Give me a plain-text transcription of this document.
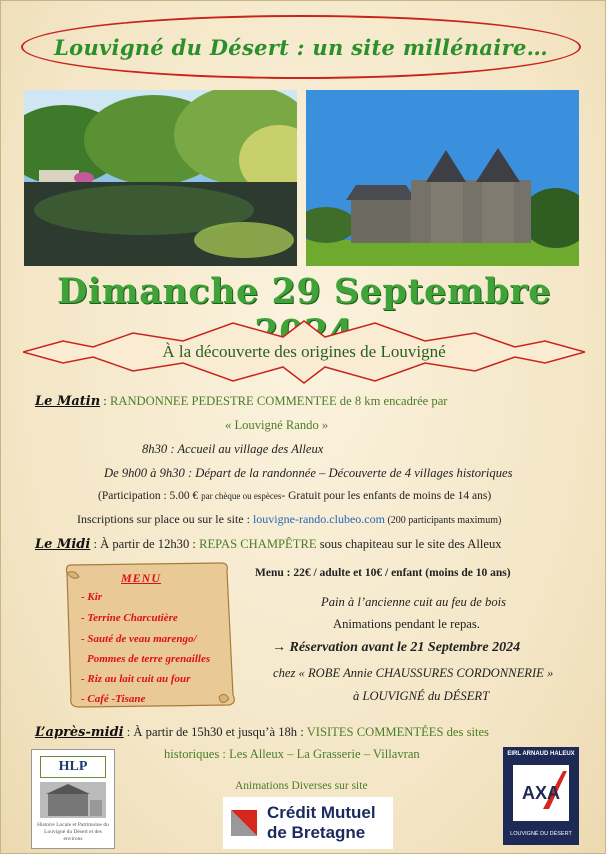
Louvigné du Désert : un site millénaire…
Dimanche 29 Septembre
À la découverte des origines de Louvigné
Le Matin : RANDONNEE PEDESTRE COMMENTEE de 8 km encadrée par
« Louvigné Rando »
8h30 : Accueil au village des Alleux
De 9h00 à 9h30 : Départ de la randonnée – Découverte de 4 villages historiques
(Participation : 5.00 € par chèque ou espèces- Gratuit pour les enfants de moins de 14 ans)
Inscriptions sur place ou sur le site : louvigne-rando.clubeo.com (200 participants maximum)
Le Midi : À partir de 12h30 : REPAS CHAMPÊTRE sous chapiteau sur le site des Alleux
MENU
- Kir
- Terrine Charcutière
- Sauté de veau marengo/
Pommes de terre grenailles
- Riz au lait cuit au four
- Café -Tisane
Menu : 22€ / adulte et 10€ / enfant (moins de 10 ans)
Pain à l’ancienne cuit au feu de bois
Animations pendant le repas.
→ Réservation avant le 21 Septembre 2024
chez « ROBE Annie CHAUSSURES CORDONNERIE »
à LOUVIGNÉ du DÉSERT
L’après-midi : À partir de 15h30 et jusqu’à 18h : VISITES COMMENTÉES des sites
historiques : Les Alleux – La Grasserie – Villavran
Animations Diverses sur site
HLP
Histoire Locale et Patrimoine du Louvigné du Désert et des environs
Crédit Mutuel
de Bretagne
EIRL ARNAUD HALEUX
AXA
LOUVIGNÉ DU DÉSERT
